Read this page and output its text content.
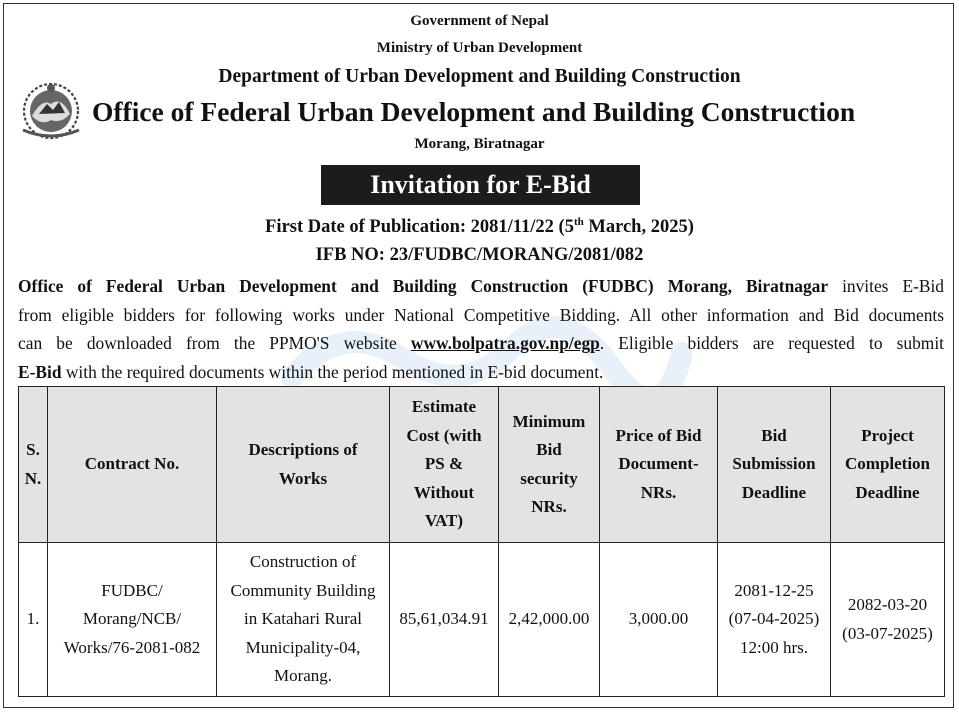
Government of Nepal
Ministry of Urban Development
Department of Urban Development and Building Construction
Office of Federal Urban Development and Building Construction
Morang, Biratnagar
Invitation for E-Bid
First Date of Publication: 2081/11/22 (5th March, 2025)
IFB NO: 23/FUDBC/MORANG/2081/082
Office of Federal Urban Development and Building Construction (FUDBC) Morang, Biratnagar invites E-Bid
from eligible bidders for following works under National Competitive Bidding. All other information and Bid documents
can be downloaded from the PPMO'S website www.bolpatra.gov.np/egp. Eligible bidders are requested to submit
E-Bid with the required documents within the period mentioned in E-bid document.
S.
N.	Contract No.	Descriptions of
Works	Estimate
Cost (with
PS &
Without
VAT)	Minimum
Bid
security
NRs.	Price of Bid
Document-
NRs.	Bid
Submission
Deadline	Project
Completion
Deadline

1.	FUDBC/
Morang/NCB/
Works/76-2081-082	Construction of
Community Building
in Katahari Rural
Municipality-04,
Morang.	85,61,034.91	2,42,000.00	3,000.00	2081-12-25
(07-04-2025)
12:00 hrs.	2082-03-20
(03-07-2025)
